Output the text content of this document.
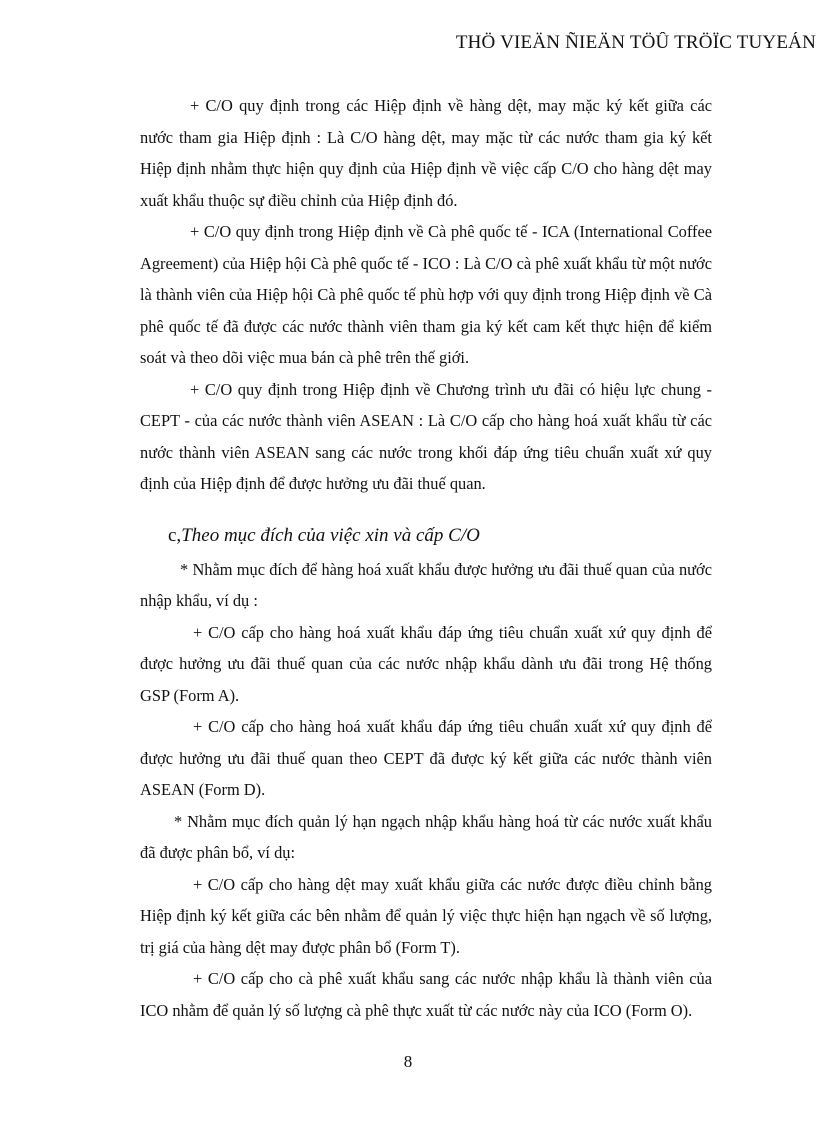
THÖ VIEÄN ÑIEÄN TÖÛ TRÖÏC TUYEÁN

+ C/O quy định trong các Hiệp định về hàng dệt, may mặc ký kết giữa các nước tham gia Hiệp định : Là C/O hàng dệt, may mặc từ các nước tham gia ký kết Hiệp định nhằm thực hiện quy định của Hiệp định về việc cấp C/O cho hàng dệt may xuất khẩu thuộc sự điều chỉnh của Hiệp định đó.

+ C/O quy định trong Hiệp định về Cà phê quốc tế - ICA (International Coffee Agreement) của Hiệp hội Cà phê quốc tế - ICO : Là C/O cà phê xuất khẩu từ một nước là thành viên của Hiệp hội Cà phê quốc tế phù hợp với quy định trong Hiệp định về Cà phê quốc tế đã được các nước thành viên tham gia ký kết cam kết thực hiện để kiểm soát và theo dõi việc mua bán cà phê trên thế giới.

+ C/O quy định trong Hiệp định về Chương trình ưu đãi có hiệu lực chung - CEPT - của các nước thành viên ASEAN : Là C/O cấp cho hàng hoá xuất khẩu từ các nước thành viên ASEAN sang các nước trong khối đáp ứng tiêu chuẩn xuất xứ quy định của Hiệp định để được hưởng ưu đãi thuế quan.

c,Theo mục đích của việc xin và cấp C/O

* Nhằm mục đích để hàng hoá xuất khẩu được hưởng ưu đãi thuế quan của nước nhập khẩu, ví dụ :

+ C/O cấp cho hàng hoá xuất khẩu đáp ứng tiêu chuẩn xuất xứ quy định để được hưởng ưu đãi thuế quan của các nước nhập khẩu dành ưu đãi trong Hệ thống GSP (Form A).

+ C/O cấp cho hàng hoá xuất khẩu đáp ứng tiêu chuẩn xuất xứ quy định để được hưởng ưu đãi thuế quan theo CEPT đã được ký kết giữa các nước thành viên ASEAN (Form D).

* Nhằm mục đích quản lý hạn ngạch nhập khẩu hàng hoá từ các nước xuất khẩu đã được phân bổ, ví dụ:

+ C/O cấp cho hàng dệt may xuất khẩu giữa các nước được điều chỉnh bằng Hiệp định ký kết giữa các bên nhằm để quản lý việc thực hiện hạn ngạch về số lượng, trị giá của hàng dệt may được phân bổ (Form T).

+ C/O cấp cho cà phê xuất khẩu sang các nước nhập khẩu là thành viên của ICO nhằm để quản lý số lượng cà phê thực xuất từ các nước này của ICO (Form O).

8
